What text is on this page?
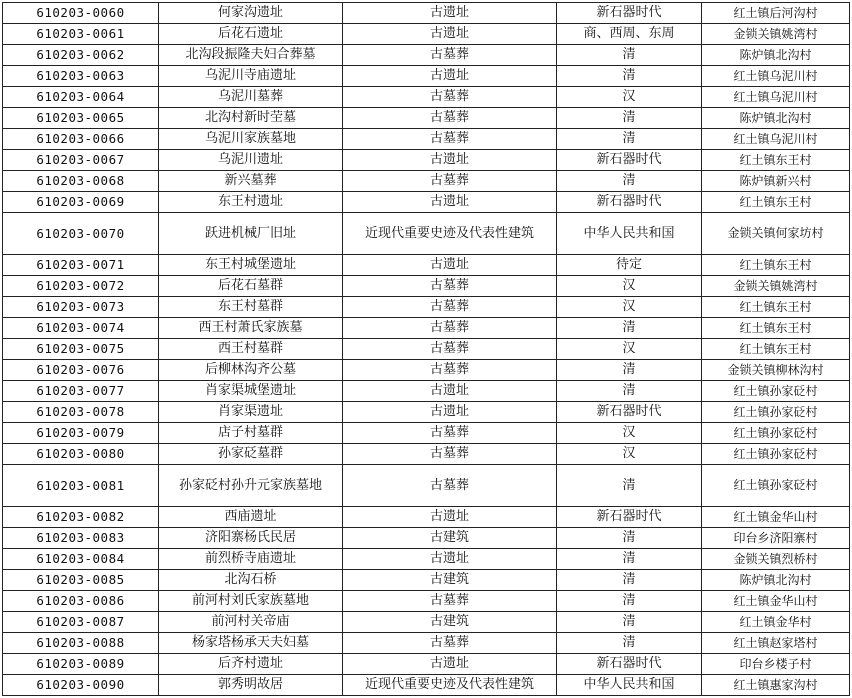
610203-0060	何家沟遗址	古遗址	新石器时代	红土镇后河沟村
610203-0061	后花石遗址	古遗址	商、西周、东周	金锁关镇姚湾村
610203-0062	北沟段振隆夫妇合葬墓	古墓葬	清	陈炉镇北沟村
610203-0063	乌泥川寺庙遗址	古遗址	清	红土镇乌泥川村
610203-0064	乌泥川墓葬	古墓葬	汉	红土镇乌泥川村
610203-0065	北沟村新时茔墓	古墓葬	清	陈炉镇北沟村
610203-0066	乌泥川家族墓地	古墓葬	清	红土镇乌泥川村
610203-0067	乌泥川遗址	古遗址	新石器时代	红土镇东王村
610203-0068	新兴墓葬	古墓葬	清	陈炉镇新兴村
610203-0069	东王村遗址	古遗址	新石器时代	红土镇东王村
610203-0070	跃进机械厂旧址	近现代重要史迹及代表性建筑	中华人民共和国	金锁关镇何家坊村
610203-0071	东王村城堡遗址	古遗址	待定	红土镇东王村
610203-0072	后花石墓群	古墓葬	汉	金锁关镇姚湾村
610203-0073	东王村墓群	古墓葬	汉	红土镇东王村
610203-0074	西王村萧氏家族墓	古墓葬	清	红土镇东王村
610203-0075	西王村墓群	古墓葬	汉	红土镇东王村
610203-0076	后柳林沟齐公墓	古墓葬	清	金锁关镇柳林沟村
610203-0077	肖家渠城堡遗址	古遗址	清	红土镇孙家砭村
610203-0078	肖家渠遗址	古遗址	新石器时代	红土镇孙家砭村
610203-0079	店子村墓群	古墓葬	汉	红土镇孙家砭村
610203-0080	孙家砭墓群	古墓葬	汉	红土镇孙家砭村
610203-0081	孙家砭村孙升元家族墓地	古墓葬	清	红土镇孙家砭村
610203-0082	西庙遗址	古遗址	新石器时代	红土镇金华山村
610203-0083	济阳寨杨氏民居	古建筑	清	印台乡济阳寨村
610203-0084	前烈桥寺庙遗址	古遗址	清	金锁关镇烈桥村
610203-0085	北沟石桥	古建筑	清	陈炉镇北沟村
610203-0086	前河村刘氏家族墓地	古墓葬	清	红土镇金华山村
610203-0087	前河村关帝庙	古建筑	清	红土镇金华村
610203-0088	杨家塔杨承天夫妇墓	古墓葬	清	红土镇赵家塔村
610203-0089	后齐村遗址	古遗址	新石器时代	印台乡楼子村
610203-0090	郭秀明故居	近现代重要史迹及代表性建筑	中华人民共和国	红土镇惠家沟村
